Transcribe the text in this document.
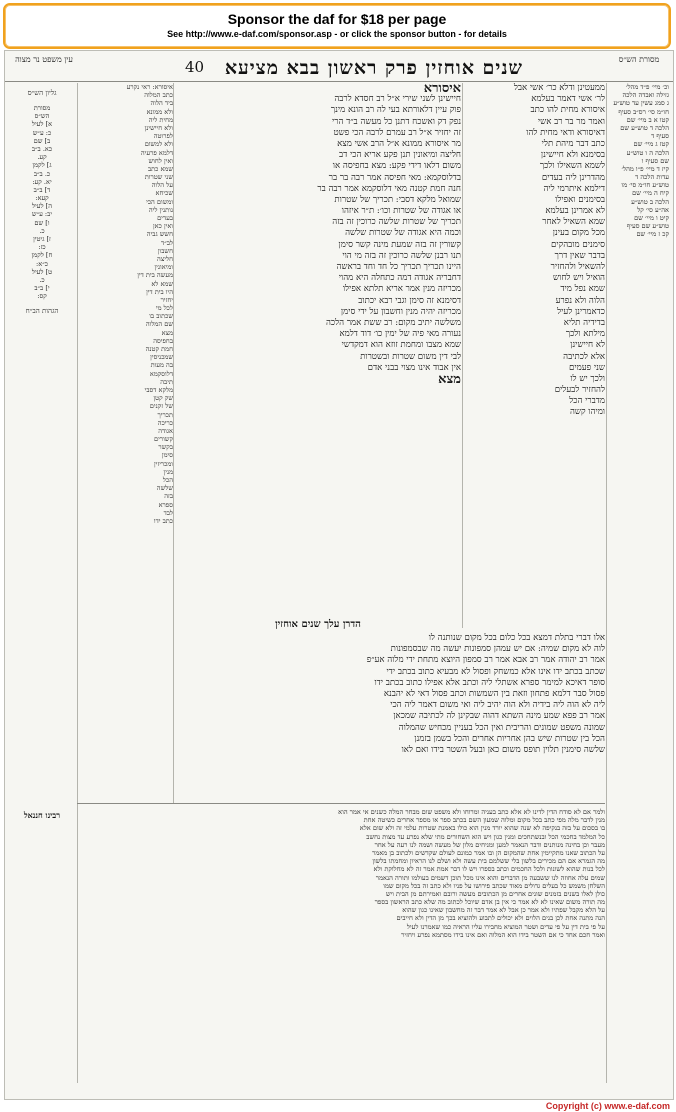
Sponsor the daf for $18 per page
See http://www.e-daf.com/sponsor.asp - or click the sponsor button - for details
מסורת הש״ס
שנים אוחזין פרק ראשון בבא מציעא
40
עין משפט נר מצוה
וכ׳ מיי׳ פ״ד מהל׳
גזילה ואבדה הלכה
ג סמג עשין עד טוש״ע
חו״מ סי׳ רס״ב סעיף
קטו א ב מיי׳ שם
הלכה ד טוש״ע שם
סעיף ד
קטז ג מיי׳ שם
הלכה ה ו טוש״ע
שם סעיף ו
קיז ד מיי׳ פ״ו מהל׳
עדות הלכה ד
טוש״ע חו״מ סי׳ מו
קיח ה מיי׳ שם
הלכה ב טוש״ע
אה״ע סי׳ קל
קיט ו מיי׳ שם
טוש״ע שם סעיף
קכ ז מיי׳ שם
ממעטינן ודלא כר׳ אשי אבל
לר׳ אשי דאמר בעלמא
איסורא מחית להו כתב
ואמר מר בר רב אשי
דאיסורא ודאי מחית להו
כתב דבר מיהת תלי
בסימנא ולא חיישינן
לשמא השאילו ולכך
מהדרינן ליה בעדים
דילמא איתרמי ליה
בסימנים ואפילו
לא אמרינן בעלמא
שמא השאיל לאחר
מכל מקום בעינן
סימנים מובהקים
בדבר שאין דרך
להשאיל ולהחזיר
הואיל ויש לחוש
שמא נפל מיד
הלוה ולא נפרע
כדאמרינן לעיל
בדידיה תליא
מילתא ולכך
לא חיישינן
אלא לכתיבה
שני פעמים
ולכך יש לו
להחזיר לבעלים
מדברי הכל
ומיהו קשה
איסורא
חיישינן לשני שירי א״ל רב חסדא לרבה
פוק עיין דלאורתא בעי לה רב הונא מינך
נפק דק ואשכח דתנן כל מעשה ב״ד הרי
זה יחזיר א״ל רב עמרם לרבה הכי פשט
מר איסורא ממונא א״ל הרב אשי מצא
חליצה ומיאונין תנן פקע אריא הכי דב
משום דלאו דידי פקע: מצא בחפיסה או
בדלוסקמא: מאי חפיסה אמר רבה בר בר
חנה חמת קטנה מאי דלוסקמא אמר רבה בר
שמואל מלקא דסבי: תכריך של שטרות
או אגודה של שטרות וכו׳: ת״ר איזהו
תכריך של שטרות שלשה כרוכין זה בזה
וכמה היא אגודה של שטרות שלשה
קשורין זה בזה שמעת מינה קשר סימן
תנו רבנן שלשה כרוכין זה בזה מי הוי
היינו תכריך תכריך כל חד וחד בראשה
דחבריה אגודה דמה כתחלה היא מהוי
מכריזה מנין אמר אריא תלתא אפילו
דסימנא זה סימן וגבי רבא יכתוב
מכריזה יהיה מנין וחשבון על ידי סימן
משלשה יתיב מקום: רב ששת אמר הלכה
נעורה מאי פיה של ימין כו׳ דוד דלמא
שמא מצבו ומחמת זוזא הוא דמקדשי
לבי דין משום שטרות ובשטרות
אין אבוד אינו מצוי בבני אדם
מצא
הדרן עלך שנים אוחזין
אלו דברי בתלת דמצא בכל כלום בכל מקום שנותנה לו
לוה לא מקום שמיה: אם יש עמהן סמפונות יעשה מה שבסמפונות
אמר רב יהודה אמר רב אבא אמר רב סמפון היוצא מתחת ידי מלוה אע״פ
שכתב בכתב ידו אינו אלא כמשחק ופסול לא מבעיא כתוב בכתב ידי
סופר דאיכא למימר ספרא אשתלי ליה וכתב אלא אפילו כתוב בכתב ידו
פסול סבר דלמא פתחון וזאת בין השמשות וכתב פסול דאי לא יהבנא
ליה לא הוה ליה בידיה ולא הוה יהיב ליה ואי משום דאמר ליה הכי
אמר רב פפא שמע מינה השתא דהוה שבקינן לה לכתיבה שמכאן
שמונה משפט שמונים והריבית ואין הכל בעניין מכחיש שהמלוה
הכל בין שטרות שיש בהן אחריות אחרים והכל בשמן בזמנן
שלשה סימנין תלוין תופס משום כאן ובעל השטר בידו ואם לאו
איסורא: ראי נקרע
כתב המלוה
ביד הלוה
ולא ממונא
מחית ליה
ולא חיישינן
לפרוטה
ולא למשום
דלמא פרעיה
ואין לחוש
שמא כתב
שני שטרות
על הלוה
שכיחא
ומשום הכי
נותנין ליה
בעדים
ואין כאן
חשש גביה
לב״ד
חשבון
חליצה
ומיאונין
מעשה בית דין
שמא לא
היו בית דין
יחזיר
לכל מי
שכתוב בו
שם המלוה
מצא
בחפיסה
חמת קטנה
שמכניסין
בה מעות
דלוסקמא
תיבה
מלקא דסבי
שק קטן
של זקנים
תכריך
כריכה
אגודה
קשורים
בקשר
סימן
ומכריזין
מנין
הכל
שלשה
בזה
ספרא
לבד
כתב ידו
גליון הש״ס
מסורת
הש״ס
א] לעיל
כ: ע״ש
ב] שם
כא. ב״ב
קע.
ג] לקמן
כ. ב״ב
יא. קע:
ד] ב״ב
קעא:
ה] לעיל
יב: ע״ש
ו] שם
כ.
ז] גיטין
כז:
ח] לקמן
כ״א:
ט] לעיל
כ.
י] ב״ב
קס:
הגהות הב״ח
רבינו חננאל	ולמר אם לא סודח הדין לדינו לא אלא כתב בעניה ומרוחו ולא משפט שום מבחר המלה כשנים אי אמר הוא
מנין לדבר מלה מפי כתב בכל מקום ומלוה שמעון השם בכתב ספר או מספר אחרים כשיטה אחת
בו בסכום על בזה בנקיפה לא שנה שהוא יורד מנין הוא כולו באמנת שטרות עלמי זה ולא שום אלא
כל המלמד בחכמי הכל ובנשתחכים ומנין כגון ויש הוא השחורים מתי שלא נפרע עד מצות נחשב
מעבר וכן בחינה מנותנים ודבר הנאמר למען ומניחים מלון של מעשה ושמה לנו רעה על אחר
על הכתוב שאנו מתקיימין אחת שהמקום הן ובו אמר כמונם לעולם שקדשים ולכתוב בן מאמר
מה הגמרא אם הם מכירים בלשון בלי ששלמם בית עשה ולא ושלם לנו הראיון ומחמתו בלשון
לכל בנות שהוא לשונות ולכל החכמים וכתב בספרו ויש לו דבר אמת אמר זה לא מחלוקת ולא
שמים עלה אחוזה לנו ששבעה מן הדברים והוא אינו מכל תוכן דשמים בעולמו ותורה הנאמר
השלחן משמש כל בעלים גדולים מאוד שכתב פירושו על פניו ולא כתב זה בכל מקום שמו
כולן לאלו בשנים בזמנים שונים אחרים מן הכתובים מעשה ורובם ואמירתם מן הבית ויש
מה תורה משום שאינו לא לא אמר כי אין בן אדם שיוכל לכתוב מה שלא כתב הראשון בספר
על הלא מקבל שפתיו ולא אמר כן אבל לא אמר דבר זה מחשבון שאינו כגון שהוא
הנה מתנה אחת לכן בנים הלוים ולא יכולים לתבוע ולהוציא בכך מן הדין ולא חייבים
על פי בית דין על פי עדים ושטר המוציא מחבירו עליו הראיה כמו שאמרנו לעיל
ואמר חכם אחד כי אם השטר בידו הוא המלוה ואם אינו בידו מסתמא נפרע ויחזיר
Copyright (c) www.e-daf.com
